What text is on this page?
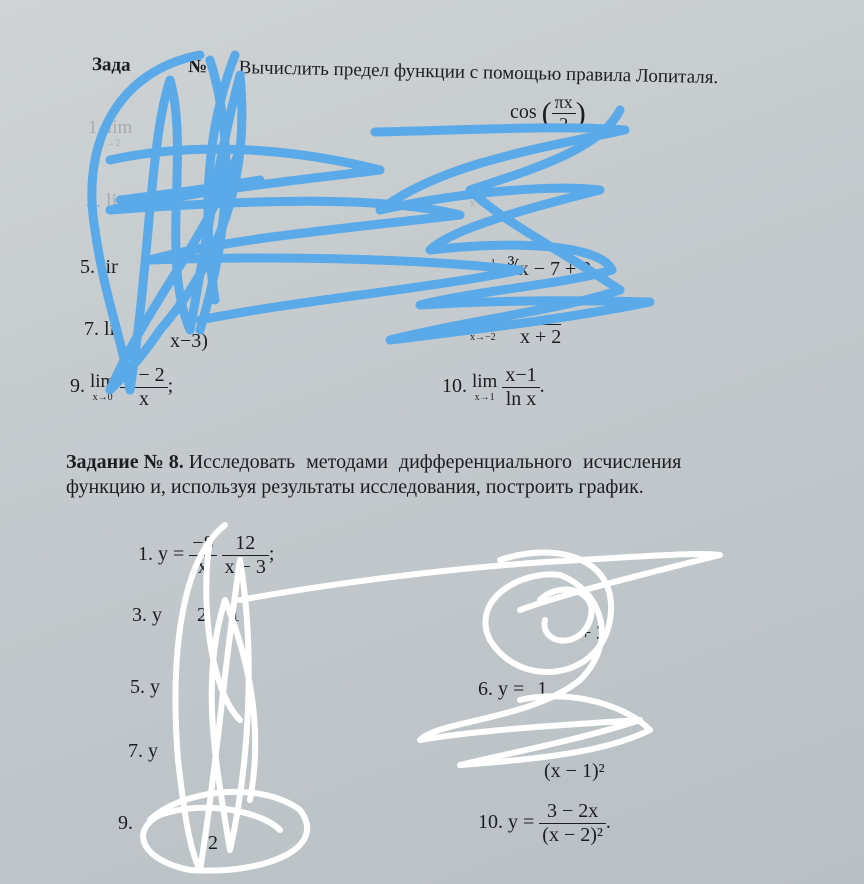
Зада	№ Вычислить предел функции с помощью правила Лопиталя.
1. lim
x→2
3. lim
5. lir
7. li
x−3)
cos ( $\frac{\pi x}{2}$ )
x→3
x→−1 ∛x − 7 + 2
x→−2 x + 2
9. lim
x→0
$\frac{4 - 2}{x}$ ;	10. lim
x→1
$\frac{x-1}{\text{ln x}}$ .
Задание № 8. Исследовать методами дифференциального исчисления
функцию и, используя результаты исследования, построить график.
1. $y = \frac{-8}{x}$
$\frac{12}{x - 3}$ ;
3. y 2 1
5. y	6. y = 1
7. y
(x − 1)²
+ 2
9. 2
10. $y = \frac{3 - 2x}{\text{(x − 2)²}}$ .
